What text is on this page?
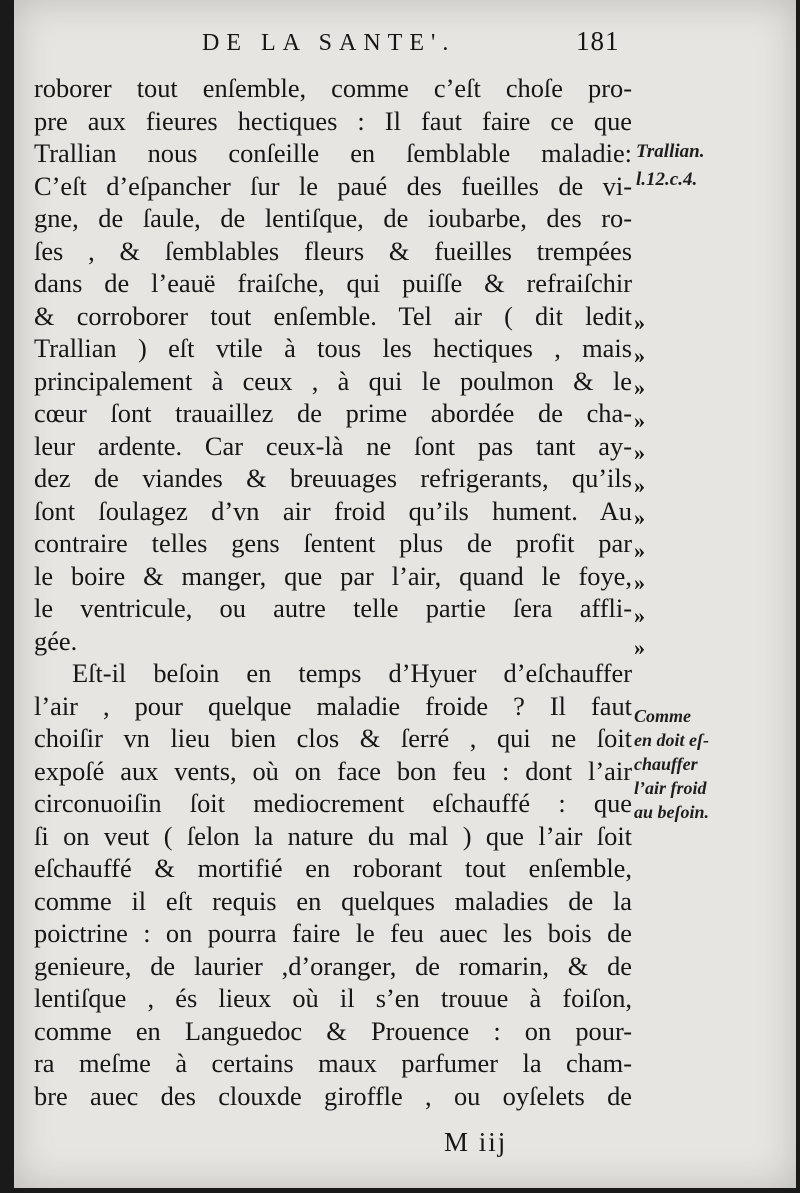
DE LA SANTE'.	181
roborer tout enſemble, comme c’eſt choſe pro-
pre aux fieures hectiques : Il faut faire ce que
Trallian nous conſeille en ſemblable maladie:
C’eſt d’eſpancher ſur le paué des fueilles de vi-
gne, de ſaule, de lentiſque, de ioubarbe, des ro-
ſes , & ſemblables fleurs & fueilles trempées
dans de l’eauë fraiſche, qui puiſſe & refraiſchir
& corroborer tout enſemble. Tel air ( dit ledit
Trallian ) eſt vtile à tous les hectiques , mais
principalement à ceux , à qui le poulmon & le
cœur ſont trauaillez de prime abordée de cha-
leur ardente. Car ceux-là ne ſont pas tant ay-
dez de viandes & breuuages refrigerants, qu’ils
ſont ſoulagez d’vn air froid qu’ils hument. Au
contraire telles gens ſentent plus de profit par
le boire & manger, que par l’air, quand le foye,
le ventricule, ou autre telle partie ſera affli-
gée.
Eſt-il beſoin en temps d’Hyuer d’eſchauffer
l’air , pour quelque maladie froide ? Il faut
choiſir vn lieu bien clos & ſerré , qui ne ſoit
expoſé aux vents, où on face bon feu : dont l’air
circonuoiſin ſoit mediocrement eſchauffé : que
ſi on veut ( ſelon la nature du mal ) que l’air ſoit
eſchauffé & mortifié en roborant tout enſemble,
comme il eſt requis en quelques maladies de la
poictrine : on pourra faire le feu auec les bois de
genieure, de laurier ,d’oranger, de romarin, & de
lentiſque , és lieux où il s’en trouue à foiſon,
comme en Languedoc & Prouence : on pour-
ra meſme à certains maux parfumer la cham-
bre auec des clouxde giroffle , ou oyſelets de
»
»
»
»
»
»
»
»
»
»
»
Trallian.
l.12.c.4.
Comme
en doit eſ-
chauffer
l’air froid
au beſoin.
M iij
